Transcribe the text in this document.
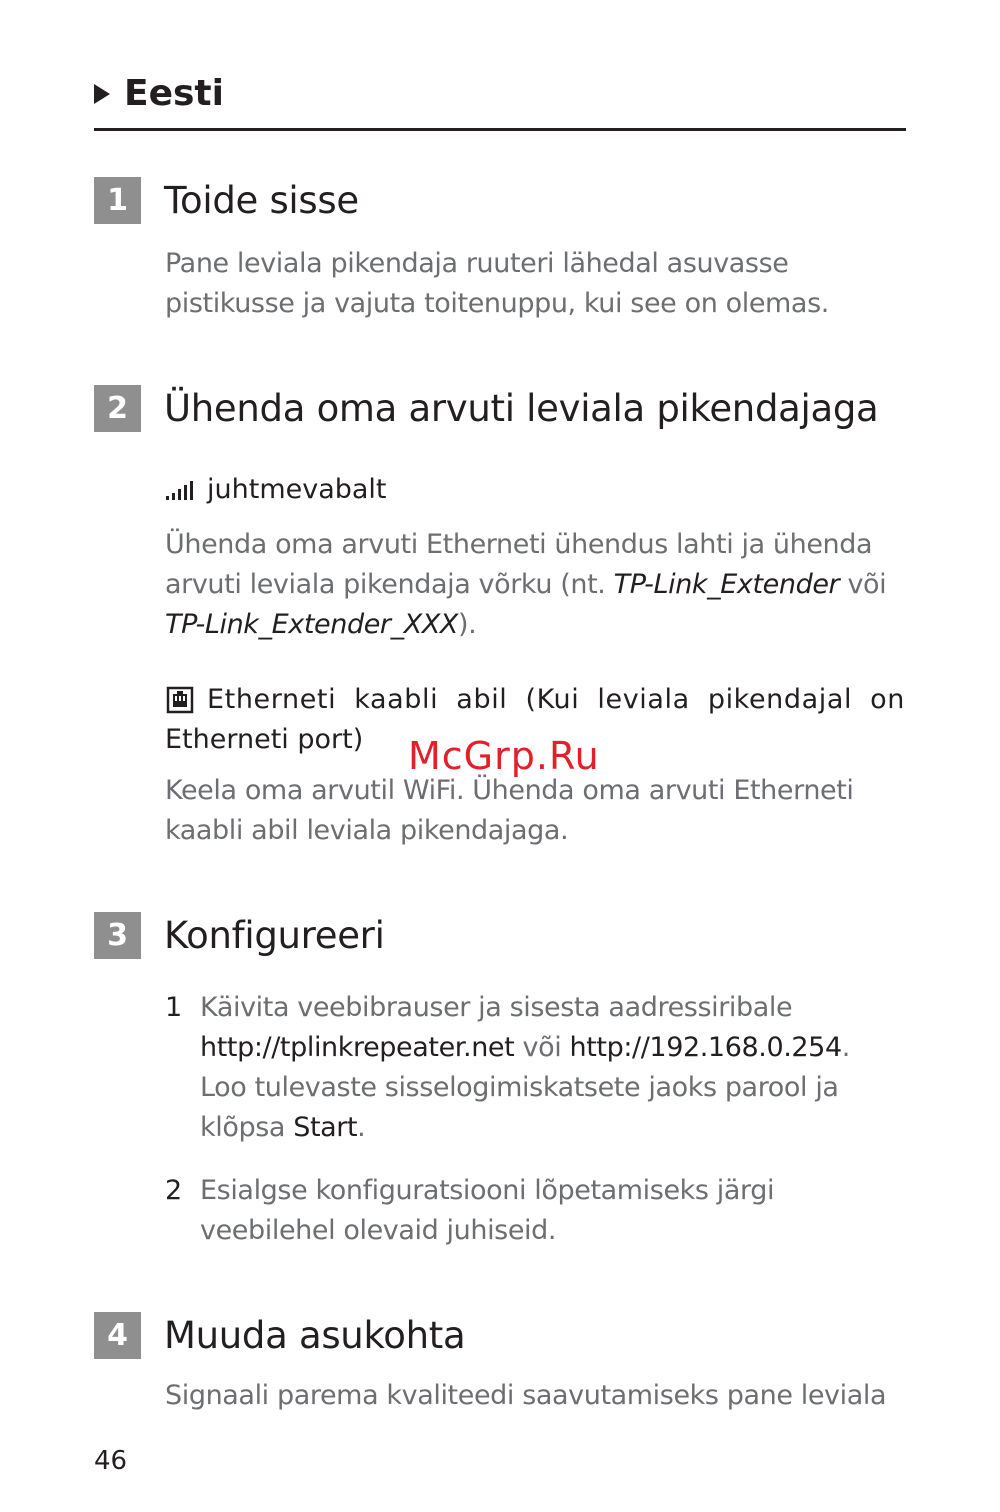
Eesti
1 Toide sisse
Pane leviala pikendaja ruuteri lähedal asuvasse pistikusse ja vajuta toitenuppu, kui see on olemas.
2 Ühenda oma arvuti leviala pikendajaga
juhtmevabalt
Ühenda oma arvuti Etherneti ühendus lahti ja ühenda arvuti leviala pikendaja võrku (nt. TP-Link_Extender või TP-Link_Extender_XXX).
Etherneti kaabli abil (Kui leviala pikendajal on
Etherneti port)
Keela oma arvutil WiFi. Ühenda oma arvuti Etherneti kaabli abil leviala pikendajaga.
3 Konfigureeri
1 Käivita veebibrauser ja sisesta aadressiribale http://tplinkrepeater.net või http://192.168.0.254. Loo tulevaste sisselogimiskatsete jaoks parool ja klõpsa Start.
2 Esialgse konfiguratsiooni lõpetamiseks järgi veebilehel olevaid juhiseid.
4 Muuda asukohta
Signaali parema kvaliteedi saavutamiseks pane leviala
McGrp.Ru
46
